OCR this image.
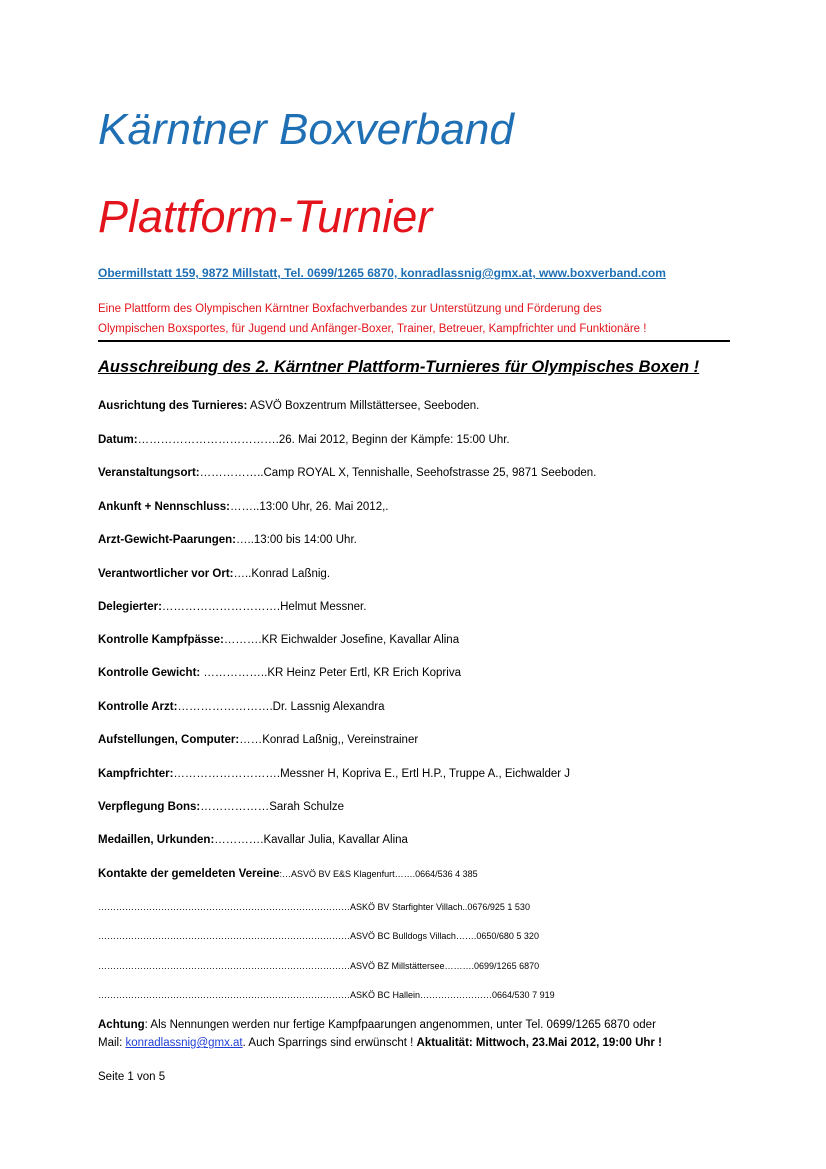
Kärntner Boxverband
Plattform-Turnier
Obermillstatt 159, 9872 Millstatt, Tel. 0699/1265 6870, konradlassnig@gmx.at, www.boxverband.com
Eine Plattform des Olympischen Kärntner Boxfachverbandes zur Unterstützung und Förderung des
Olympischen Boxsportes, für Jugend und Anfänger-Boxer, Trainer, Betreuer, Kampfrichter und Funktionäre !
Ausschreibung des 2. Kärntner Plattform-Turnieres für Olympisches Boxen !
Ausrichtung des Turnieres: ASVÖ Boxzentrum Millstättersee, Seeboden.
Datum:……………………………….26. Mai 2012, Beginn der Kämpfe: 15:00 Uhr.
Veranstaltungsort:……………..Camp ROYAL X, Tennishalle, Seehofstrasse 25, 9871 Seeboden.
Ankunft + Nennschluss:……..13:00 Uhr, 26. Mai 2012,.
Arzt-Gewicht-Paarungen:…..13:00 bis 14:00 Uhr.
Verantwortlicher vor Ort:…..Konrad Laßnig.
Delegierter:………………………….Helmut Messner.
Kontrolle Kampfpässe:……….KR Eichwalder Josefine, Kavallar Alina
Kontrolle Gewicht: ……………..KR Heinz Peter Ertl, KR Erich Kopriva
Kontrolle Arzt:…………………….Dr. Lassnig Alexandra
Aufstellungen, Computer:……Konrad Laßnig,, Vereinstrainer
Kampfrichter:……………………….Messner H, Kopriva E., Ertl H.P., Truppe A., Eichwalder J
Verpflegung Bons:………………Sarah Schulze
Medaillen, Urkunden:………….Kavallar Julia, Kavallar Alina
Kontakte der gemeldeten Vereine:…ASVÖ BV E&S Klagenfurt…….0664/536 4 385
…………………………………………………………………………ASKÖ BV Starfighter Villach..0676/925 1 530
…………………………………………………………………………ASVÖ BC Bulldogs Villach…….0650/680 5 320
…………………………………………………………………………ASVÖ BZ Millstättersee……….0699/1265 6870
…………………………………………………………………………ASKÖ BC Hallein……………………0664/530 7 919
Achtung: Als Nennungen werden nur fertige Kampfpaarungen angenommen, unter Tel. 0699/1265 6870 oder
Mail: konradlassnig@gmx.at. Auch Sparrings sind erwünscht ! Aktualität: Mittwoch, 23.Mai 2012, 19:00 Uhr !
Seite 1 von 5
